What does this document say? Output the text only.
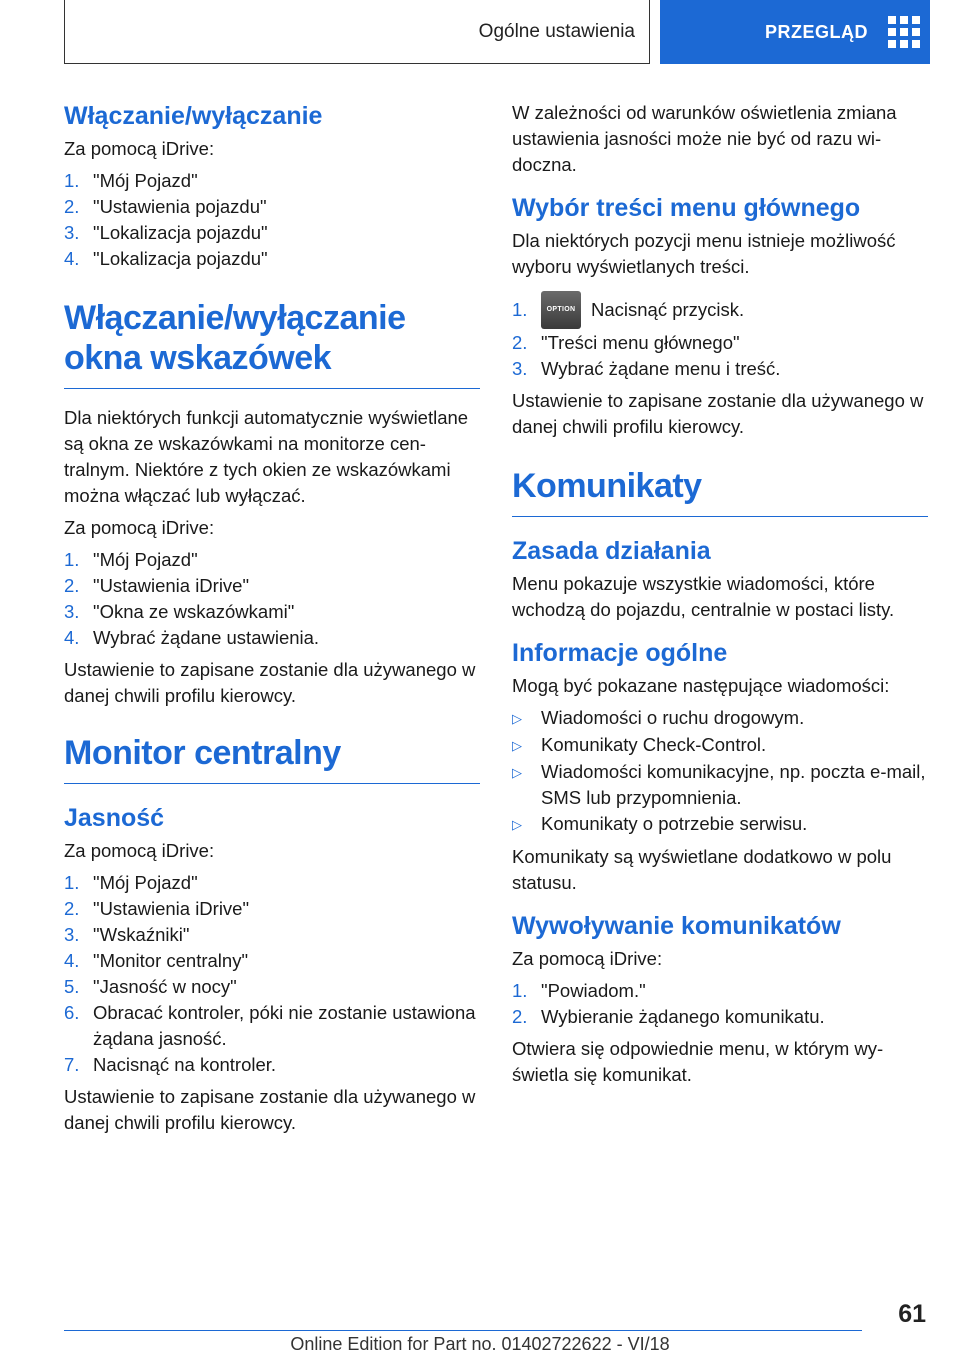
Ogólne ustawienia	PRZEGLĄD
Włączanie/wyłączanie
Za pomocą iDrive:
1. "Mój Pojazd"
2. "Ustawienia pojazdu"
3. "Lokalizacja pojazdu"
4. "Lokalizacja pojazdu"
Włączanie/wyłączanie okna wskazówek
Dla niektórych funkcji automatycznie wyświetlane są okna ze wskazówkami na monitorze centralnym. Niektóre z tych okien ze wskazówkami można włączać lub wyłączać.
Za pomocą iDrive:
1. "Mój Pojazd"
2. "Ustawienia iDrive"
3. "Okna ze wskazówkami"
4. Wybrać żądane ustawienia.
Ustawienie to zapisane zostanie dla używanego w danej chwili profilu kierowcy.
Monitor centralny
Jasność
Za pomocą iDrive:
1. "Mój Pojazd"
2. "Ustawienia iDrive"
3. "Wskaźniki"
4. "Monitor centralny"
5. "Jasność w nocy"
6. Obracać kontroler, póki nie zostanie ustawiona żądana jasność.
7. Nacisnąć na kontroler.
Ustawienie to zapisane zostanie dla używanego w danej chwili profilu kierowcy.
W zależności od warunków oświetlenia zmiana ustawienia jasności może nie być od razu widoczna.
Wybór treści menu głównego
Dla niektórych pozycji menu istnieje możliwość wyboru wyświetlanych treści.
1.	OPTION Nacisnąć przycisk.
2. "Treści menu głównego"
3. Wybrać żądane menu i treść.
Ustawienie to zapisane zostanie dla używanego w danej chwili profilu kierowcy.
Komunikaty
Zasada działania
Menu pokazuje wszystkie wiadomości, które wchodzą do pojazdu, centralnie w postaci listy.
Informacje ogólne
Mogą być pokazane następujące wiadomości:
▷	Wiadomości o ruchu drogowym.
▷	Komunikaty Check-Control.
▷	Wiadomości komunikacyjne, np. poczta e-mail, SMS lub przypomnienia.
▷	Komunikaty o potrzebie serwisu.
Komunikaty są wyświetlane dodatkowo w polu statusu.
Wywoływanie komunikatów
Za pomocą iDrive:
1. "Powiadom."
2. Wybieranie żądanego komunikatu.
Otwiera się odpowiednie menu, w którym wyświetla się komunikat.
61
Online Edition for Part no. 01402722622 - VI/18
